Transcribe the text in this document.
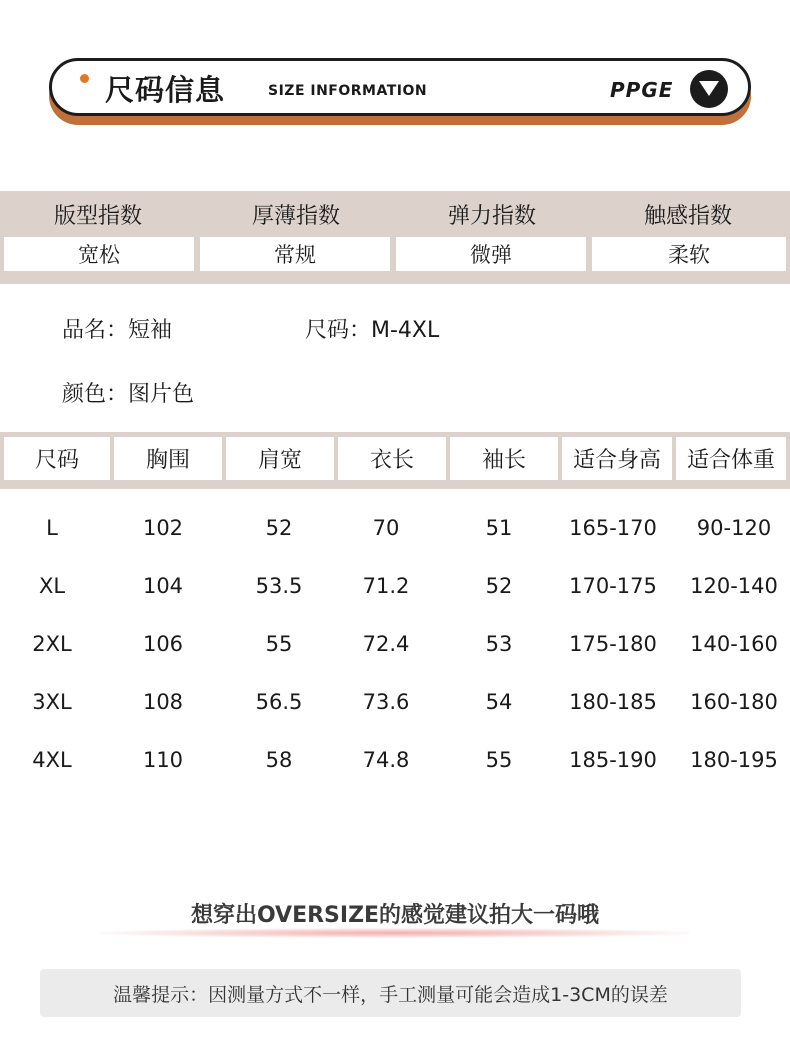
尺码信息	SIZE INFORMATION	PPGE
版型指数	厚薄指数	弹力指数	触感指数
宽松	常规	微弹	柔软
品名：短袖	尺码：M-4XL
颜色：图片色
尺码	胸围	肩宽	衣长	袖长	适合身高	适合体重
L	102	52	70	51	165-170	90-120
XL	104	53.5	71.2	52	170-175	120-140
2XL	106	55	72.4	53	175-180	140-160
3XL	108	56.5	73.6	54	180-185	160-180
4XL	110	58	74.8	55	185-190	180-195
想穿出OVERSIZE的感觉建议拍大一码哦
温馨提示：因测量方式不一样，手工测量可能会造成1-3CM的误差
